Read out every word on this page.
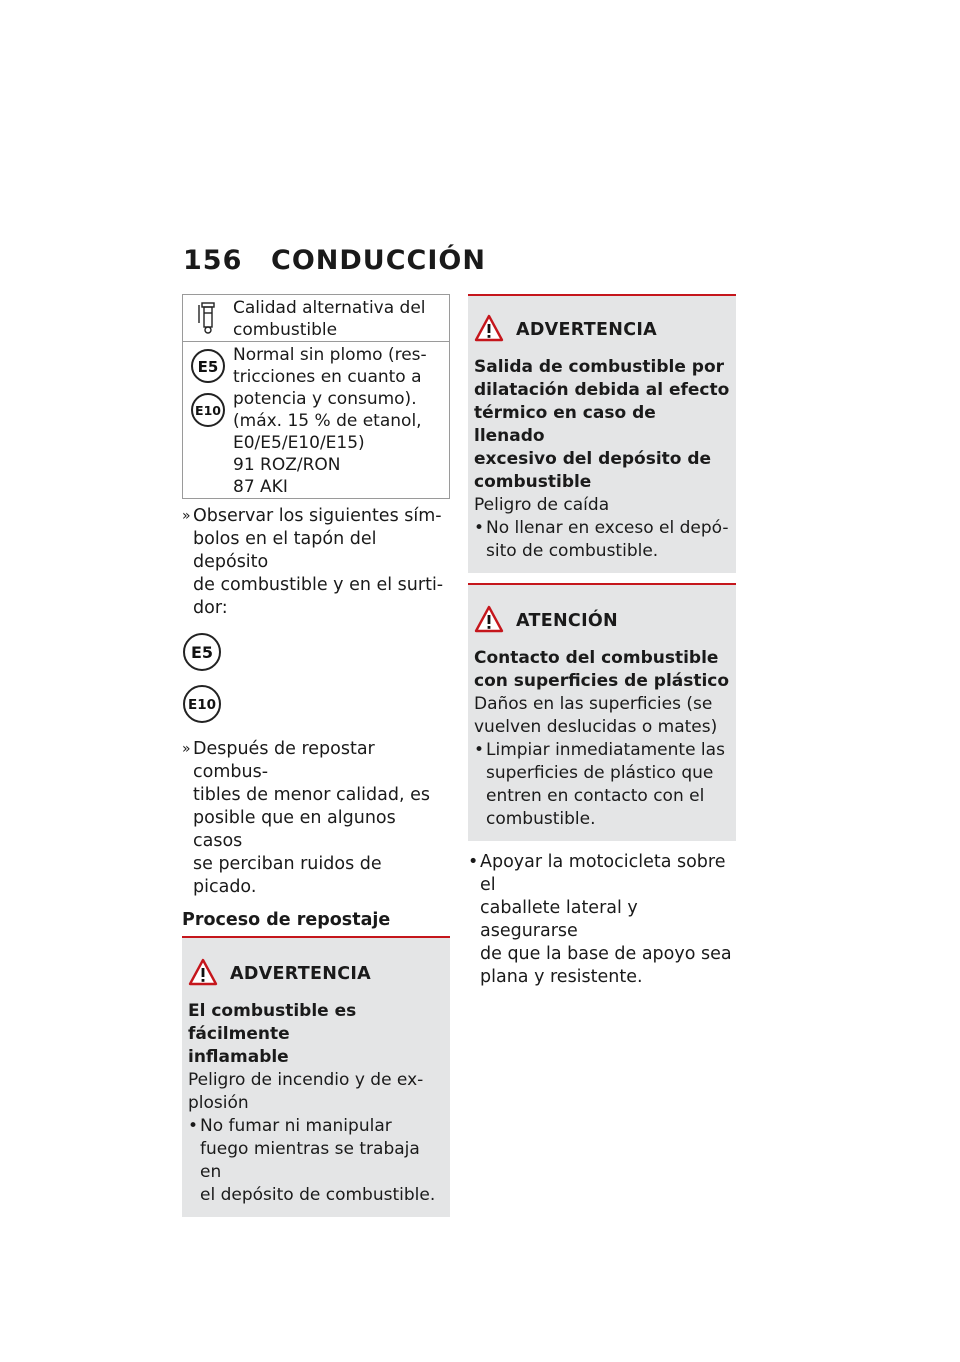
156	CONDUCCIÓN
Calidad alternativa del
combustible
E5
E10
Normal sin plomo (res-
tricciones en cuanto a
potencia y consumo).
(máx. 15 % de etanol,
E0/E5/E10/E15)
91 ROZ/RON
87 AKI
» Observar los siguientes sím-
bolos en el tapón del depósito
de combustible y en el surti-
dor:
E5
E10
» Después de repostar combus-
tibles de menor calidad, es
posible que en algunos casos
se perciban ruidos de picado.
Proceso de repostaje
ADVERTENCIA
El combustible es fácilmente
inflamable
Peligro de incendio y de ex-
plosión
• No fumar ni manipular
fuego mientras se trabaja en
el depósito de combustible.
ADVERTENCIA
Salida de combustible por
dilatación debida al efecto
térmico en caso de llenado
excesivo del depósito de
combustible
Peligro de caída
• No llenar en exceso el depó-
sito de combustible.
ATENCIÓN
Contacto del combustible
con superficies de plástico
Daños en las superficies (se
vuelven deslucidas o mates)
• Limpiar inmediatamente las
superficies de plástico que
entren en contacto con el
combustible.
• Apoyar la motocicleta sobre el
caballete lateral y asegurarse
de que la base de apoyo sea
plana y resistente.
